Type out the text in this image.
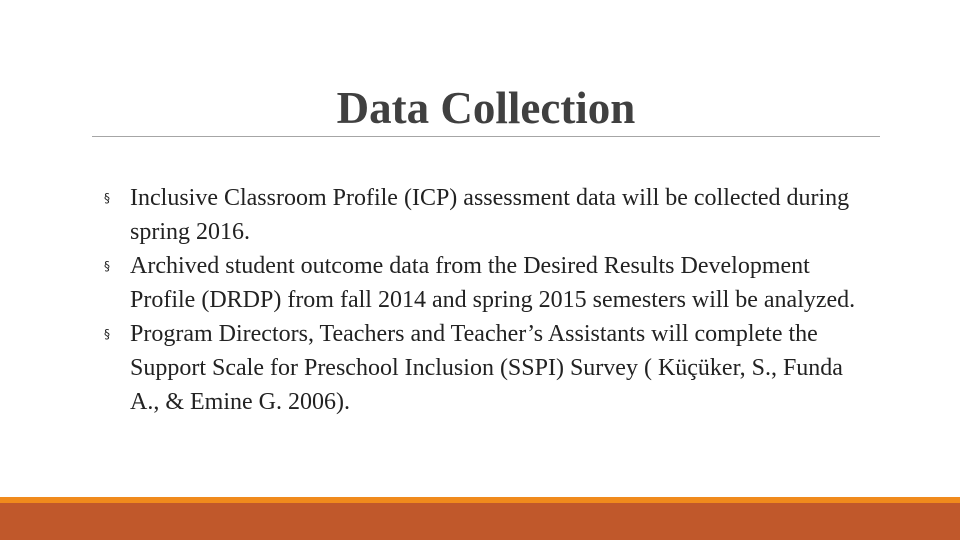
Data Collection
§ Inclusive Classroom Profile (ICP) assessment data will be collected during spring 2016.
§ Archived student outcome data from the Desired Results Development Profile (DRDP) from fall 2014 and spring 2015 semesters will be analyzed.
§ Program Directors, Teachers and Teacher’s Assistants will complete the Support Scale for Preschool Inclusion (SSPI) Survey ( Küçüker, S., Funda A., & Emine G. 2006).
